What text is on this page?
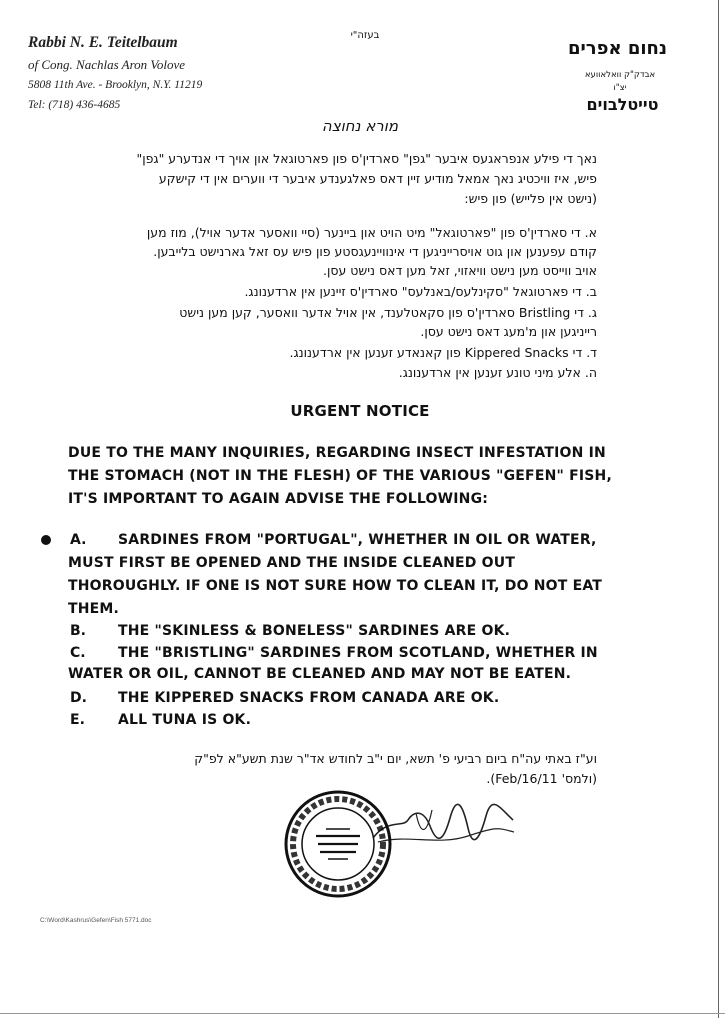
Rabbi N. E. Teitelbaum
of Cong. Nachlas Aron Volove
5808 11th Ave. - Brooklyn, N.Y. 11219
Tel: (718) 436-4685
בעזה"י
נחום אפרים
אבדק"ק וואלאוועא
יצ"ו
טייטלבוים
מורא נחוצה
נאך די פילע אנפראגעס איבער "גפן" סארדין'ס פון פארטוגאל און אויך די אנדערע "גפן"
פיש, איז וויכטיג נאך אמאל מודיע זיין דאס פאלגענדע איבער די ווערים אין די קישקע
(נישט אין פלייש) פון פיש:
א. די סארדין'ס פון "פארטוגאל" מיט הויט און ביינער (סיי וואסער אדער אויל), מוז מען
קודם עפענען און גוט אויסרייניגען די אינוויינעגסטע פון פיש עס זאל גארנישט בלייבען.
אויב ווייסט מען נישט וויאזוי, זאל מען דאס נישט עסן.
ב. די פארטוגאל "סקינלעס/באנלעס" סארדין'ס זיינען אין ארדענונג.
ג. די Bristling סארדין'ס פון סקאטלענד, אין אויל אדער וואסער, קען מען נישט
רייניגען און מ'מעג דאס נישט עסן.
ד. די Kippered Snacks פון קאנאדע זענען אין ארדענונג.
ה. אלע מיני טונע זענען אין ארדענונג.
URGENT NOTICE
DUE TO THE MANY INQUIRIES, REGARDING INSECT INFESTATION IN
THE STOMACH (NOT IN THE FLESH) OF THE VARIOUS "GEFEN" FISH,
IT'S IMPORTANT TO AGAIN ADVISE THE FOLLOWING:
A. SARDINES FROM "PORTUGAL", WHETHER IN OIL OR WATER,
MUST FIRST BE OPENED AND THE INSIDE CLEANED OUT
THOROUGHLY. IF ONE IS NOT SURE HOW TO CLEAN IT, DO NOT EAT
THEM.
B. THE "SKINLESS & BONELESS" SARDINES ARE OK.
C. THE "BRISTLING" SARDINES FROM SCOTLAND, WHETHER IN
WATER OR OIL, CANNOT BE CLEANED AND MAY NOT BE EATEN.
D. THE KIPPERED SNACKS FROM CANADA ARE OK.
E. ALL TUNA IS OK.
וע"ז באתי עה"ח ביום רביעי פ' תשא, יום י"ב לחודש אד"ר שנת תשע"א לפ"ק
(ולמס' Feb/16/11).
C:\Word\Kashrus\Gefen\Fish 5771.doc
